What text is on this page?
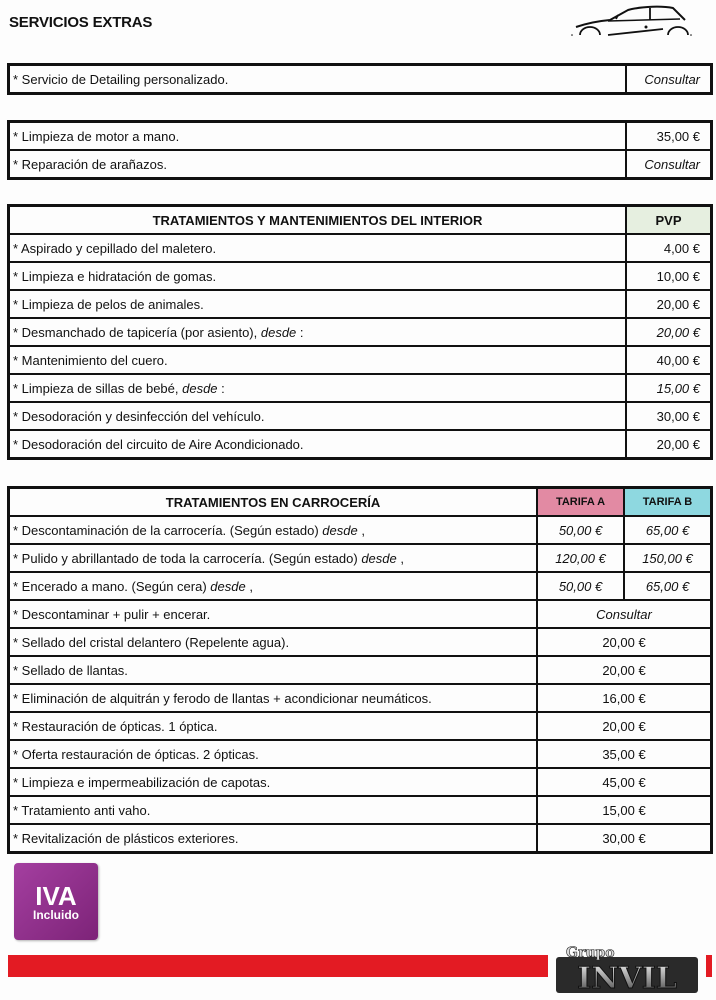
SERVICIOS EXTRAS
* Servicio de Detailing personalizado.	Consultar
* Limpieza de motor a mano.	35,00 €
* Reparación de arañazos.	Consultar
TRATAMIENTOS Y MANTENIMIENTOS DEL INTERIOR	PVP
* Aspirado y cepillado del maletero.	4,00 €
* Limpieza e hidratación de gomas.	10,00 €
* Limpieza de pelos de animales.	20,00 €
* Desmanchado de tapicería (por asiento), desde :	20,00 €
* Mantenimiento del cuero.	40,00 €
* Limpieza de sillas de bebé, desde :	15,00 €
* Desodoración y desinfección del vehículo.	30,00 €
* Desodoración del circuito de Aire Acondicionado.	20,00 €
TRATAMIENTOS EN CARROCERÍA	TARIFA A	TARIFA B
* Descontaminación de la carrocería. (Según estado) desde ,	50,00 €	65,00 €
* Pulido y abrillantado de toda la carrocería. (Según estado) desde ,	120,00 €	150,00 €
* Encerado a mano. (Según cera) desde ,	50,00 €	65,00 €
* Descontaminar + pulir + encerar.	Consultar	
* Sellado del cristal delantero (Repelente agua).	20,00 €	
* Sellado de llantas.	20,00 €	
* Eliminación de alquitrán y ferodo de llantas + acondicionar neumáticos.	16,00 €	
* Restauración de ópticas. 1 óptica.	20,00 €	
* Oferta restauración de ópticas. 2 ópticas.	35,00 €	
* Limpieza e impermeabilización de capotas.	45,00 €	
* Tratamiento anti vaho.	15,00 €	
* Revitalización de plásticos exteriores.	30,00 €	
IVA
Incluido
Grupo
INVIL
